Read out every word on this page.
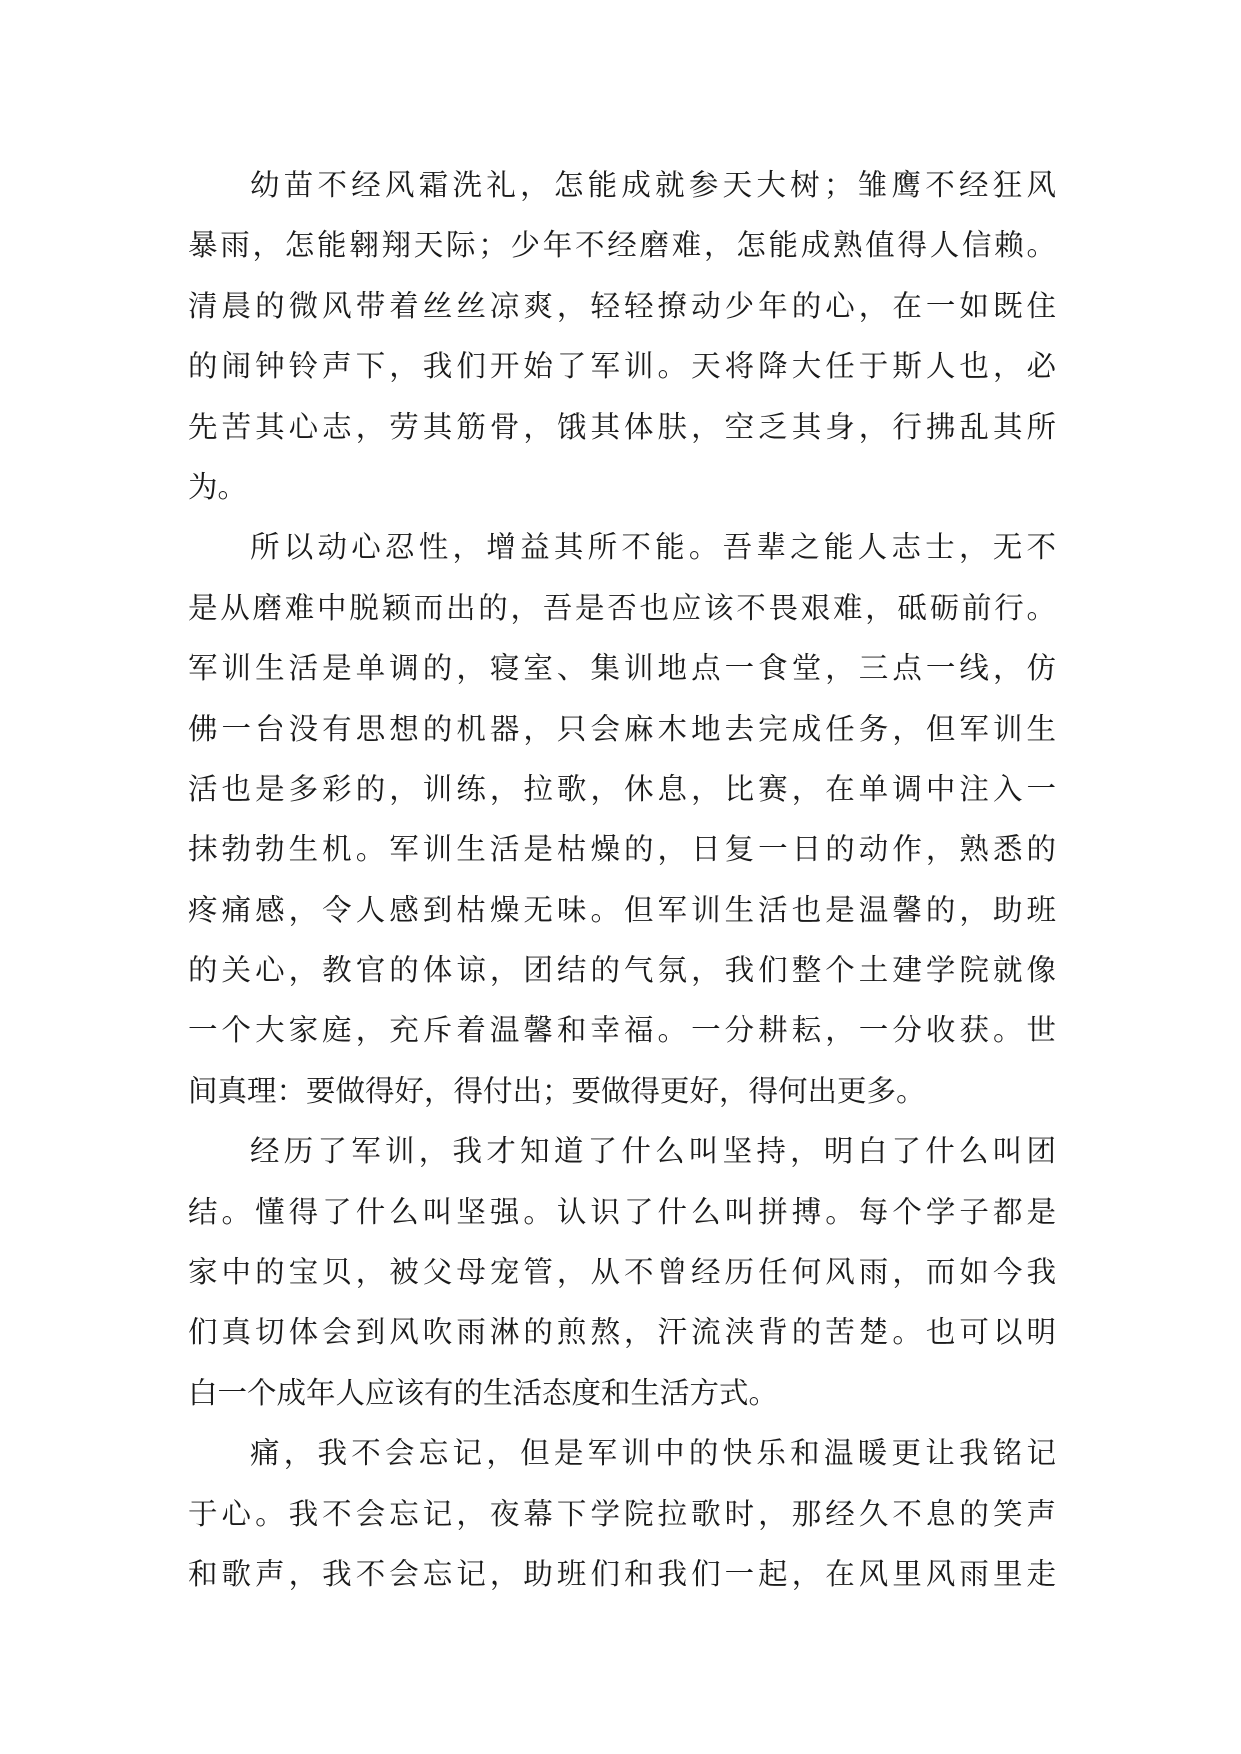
幼苗不经风霜洗礼，怎能成就参天大树；雏鹰不经狂风
暴雨，怎能翱翔天际；少年不经磨难，怎能成熟值得人信赖。
清晨的微风带着丝丝凉爽，轻轻撩动少年的心，在一如既住
的闹钟铃声下，我们开始了军训。天将降大任于斯人也，必
先苦其心志，劳其筋骨，饿其体肤，空乏其身，行拂乱其所
为。
所以动心忍性，增益其所不能。吾辈之能人志士，无不
是从磨难中脱颖而出的，吾是否也应该不畏艰难，砥砺前行。
军训生活是单调的，寝室、集训地点一食堂，三点一线，仿
佛一台没有思想的机器，只会麻木地去完成任务，但军训生
活也是多彩的，训练，拉歌，休息，比赛，在单调中注入一
抹勃勃生机。军训生活是枯燥的，日复一日的动作，熟悉的
疼痛感，令人感到枯燥无味。但军训生活也是温馨的，助班
的关心，教官的体谅，团结的气氛，我们整个土建学院就像
一个大家庭，充斥着温馨和幸福。一分耕耘，一分收获。世
间真理：要做得好，得付出；要做得更好，得何出更多。
经历了军训，我才知道了什么叫坚持，明白了什么叫团
结。懂得了什么叫坚强。认识了什么叫拼搏。每个学子都是
家中的宝贝，被父母宠管，从不曾经历任何风雨，而如今我
们真切体会到风吹雨淋的煎熬，汗流浃背的苦楚。也可以明
白一个成年人应该有的生活态度和生活方式。
痛，我不会忘记，但是军训中的快乐和温暖更让我铭记
于心。我不会忘记，夜幕下学院拉歌时，那经久不息的笑声
和歌声，我不会忘记，助班们和我们一起，在风里风雨里走
